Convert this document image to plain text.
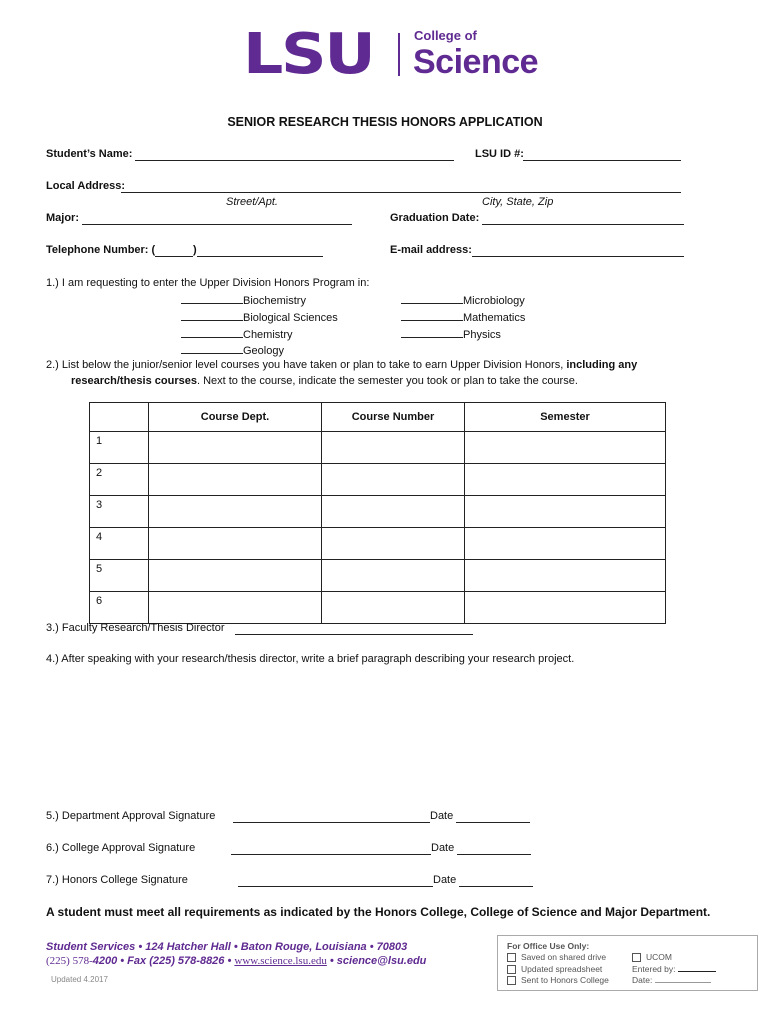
LSU	College of
Science
SENIOR RESEARCH THESIS HONORS APPLICATION
Student’s Name:	LSU ID #:
Local Address:
Street/Apt.	City, State, Zip
Major:	Graduation Date:
Telephone Number: (	)	E-mail address:
1.) I am requesting to enter the Upper Division Honors Program in:
Biochemistry
Biological Sciences
Chemistry
Geology
Microbiology
Mathematics
Physics
2.) List below the junior/senior level courses you have taken or plan to take to earn Upper Division Honors, including any
research/thesis courses. Next to the course, indicate the semester you took or plan to take the course.
	Course Dept.	Course Number	Semester
1			
2			
3			
4			
5			
6			
3.) Faculty Research/Thesis Director
4.) After speaking with your research/thesis director, write a brief paragraph describing your research project.
5.) Department Approval Signature	Date
6.) College Approval Signature	Date
7.) Honors College Signature	Date
A student must meet all requirements as indicated by the Honors College, College of Science and Major Department.
Student Services • 124 Hatcher Hall • Baton Rouge, Louisiana • 70803
(225) 578-4200 • Fax (225) 578-8826 • www.science.lsu.edu • science@lsu.edu
Updated 4.2017
For Office Use Only:
Saved on shared drive
Updated spreadsheet
Sent to Honors College
UCOM
Entered by:
Date:
